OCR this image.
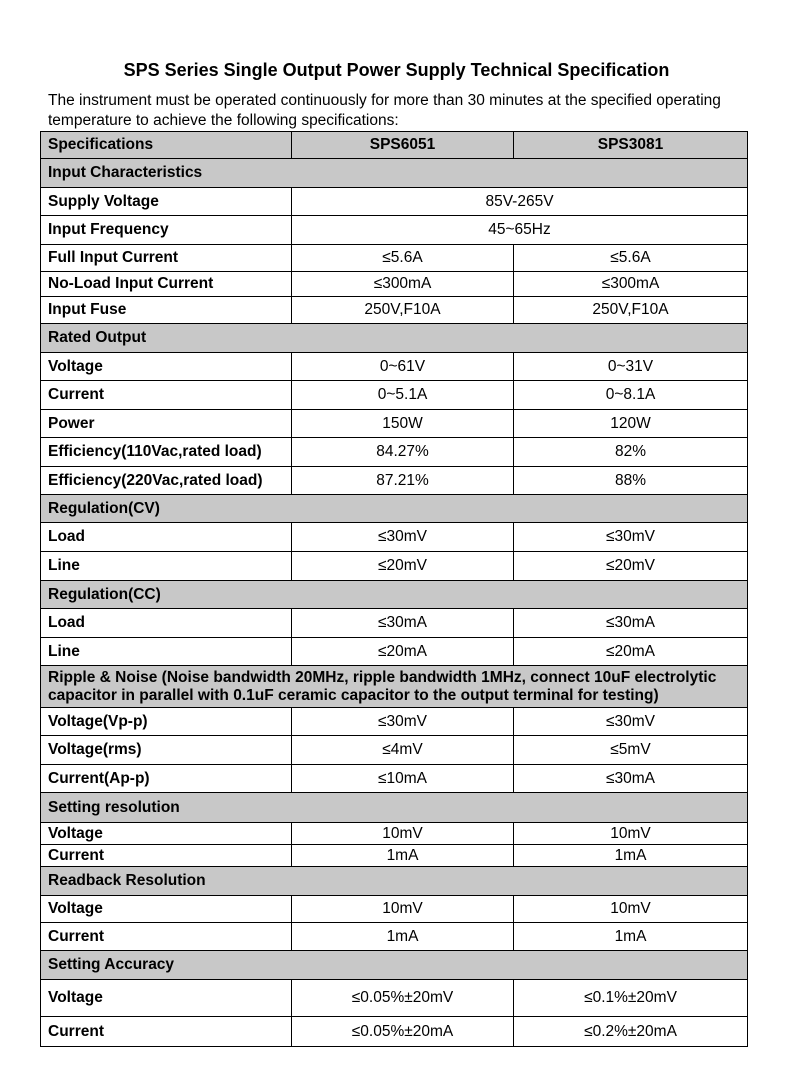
SPS Series Single Output Power Supply Technical Specification
The instrument must be operated continuously for more than 30 minutes at the specified operating temperature to achieve the following specifications:
Specifications	SPS6051	SPS3081
Input Characteristics		
Supply Voltage	85V-265V	
Input Frequency	45~65Hz	
Full Input Current	≤5.6A	≤5.6A
No-Load Input Current	≤300mA	≤300mA
Input Fuse	250V,F10A	250V,F10A
Rated Output		
Voltage	0~61V	0~31V
Current	0~5.1A	0~8.1A
Power	150W	120W
Efficiency(110Vac,rated load)	84.27%	82%
Efficiency(220Vac,rated load)	87.21%	88%
Regulation(CV)		
Load	≤30mV	≤30mV
Line	≤20mV	≤20mV
Regulation(CC)		
Load	≤30mA	≤30mA
Line	≤20mA	≤20mA
Ripple & Noise (Noise bandwidth 20MHz, ripple bandwidth 1MHz, connect 10uF electrolytic capacitor in parallel with 0.1uF ceramic capacitor to the output terminal for testing)		
Voltage(Vp-p)	≤30mV	≤30mV
Voltage(rms)	≤4mV	≤5mV
Current(Ap-p)	≤10mA	≤30mA
Setting resolution		
Voltage	10mV	10mV
Current	1mA	1mA
Readback Resolution		
Voltage	10mV	10mV
Current	1mA	1mA
Setting Accuracy		
Voltage	≤0.05%±20mV	≤0.1%±20mV
Current	≤0.05%±20mA	≤0.2%±20mA
